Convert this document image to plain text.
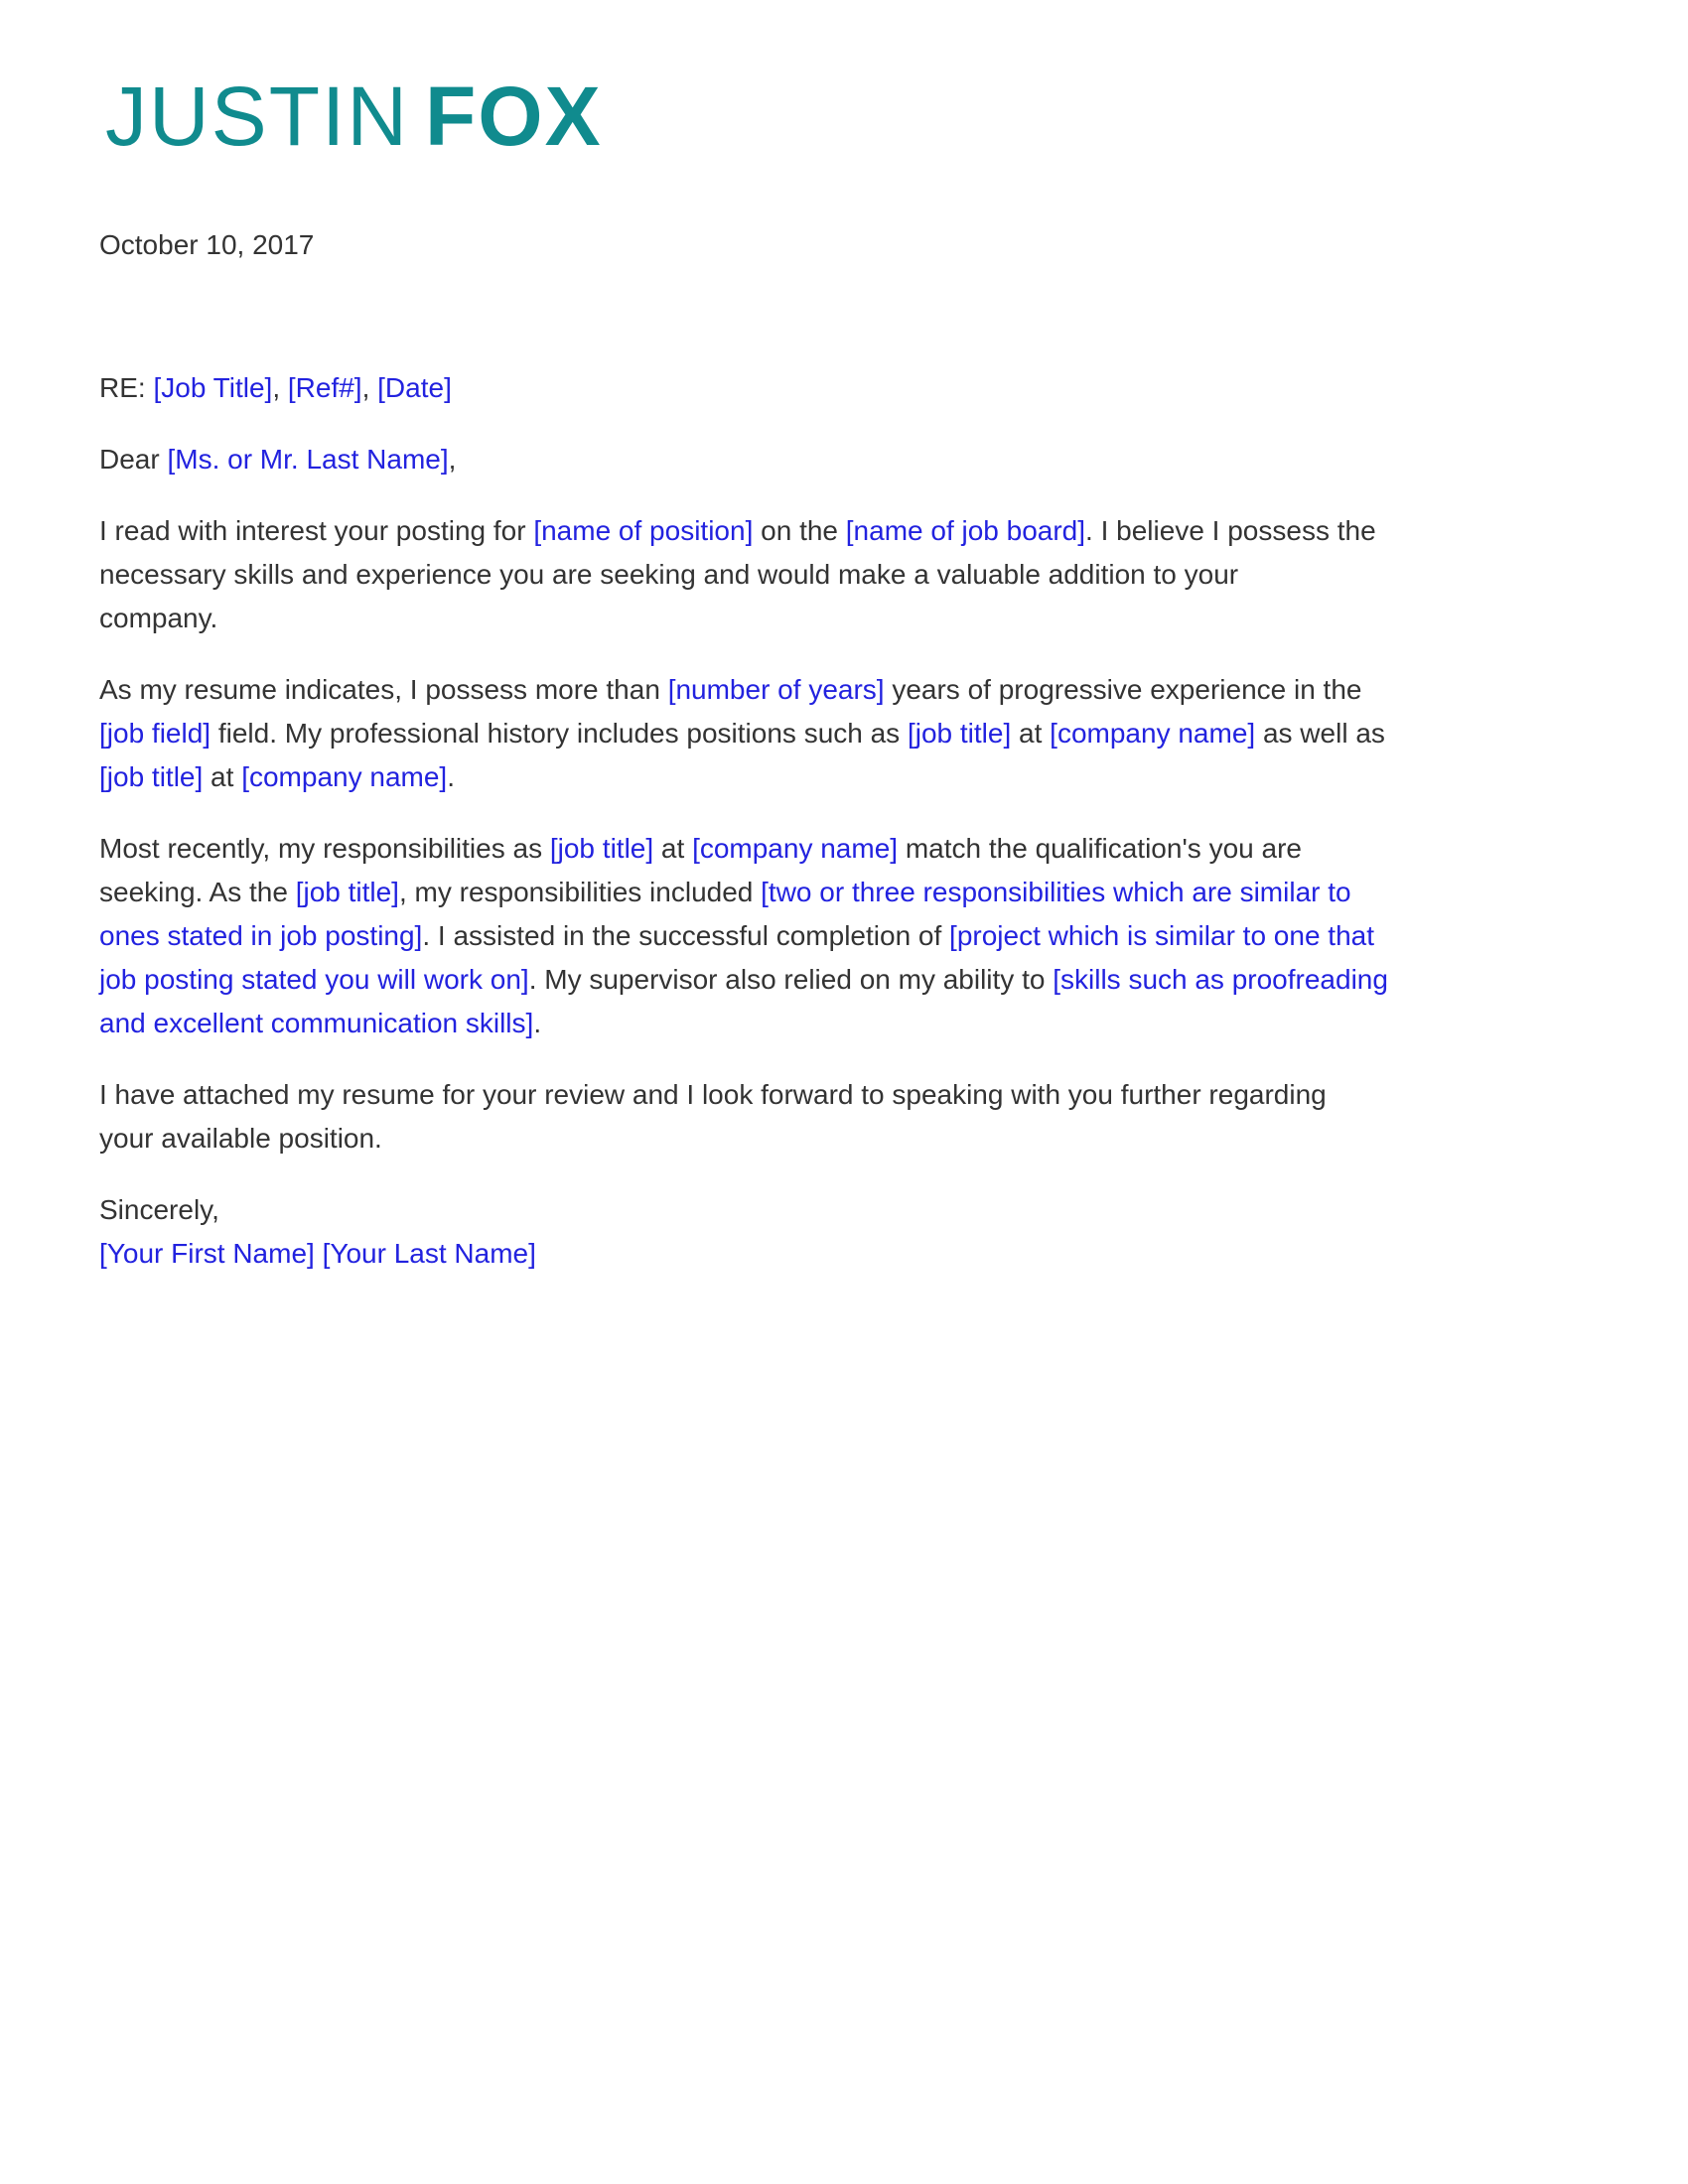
JUSTIN FOX
October 10, 2017

RE: [Job Title], [Ref#], [Date]
Dear [Ms. or Mr. Last Name],
I read with interest your posting for [name of position] on the [name of job board]. I believe I possess the
necessary skills and experience you are seeking and would make a valuable addition to your
company.
As my resume indicates, I possess more than [number of years] years of progressive experience in the
[job field] field. My professional history includes positions such as [job title] at [company name] as well as
[job title] at [company name].
Most recently, my responsibilities as [job title] at [company name] match the qualification's you are
seeking. As the [job title], my responsibilities included [two or three responsibilities which are similar to
ones stated in job posting]. I assisted in the successful completion of [project which is similar to one that
job posting stated you will work on]. My supervisor also relied on my ability to [skills such as proofreading
and excellent communication skills].
I have attached my resume for your review and I look forward to speaking with you further regarding
your available position.
Sincerely,
[Your First Name] [Your Last Name]
